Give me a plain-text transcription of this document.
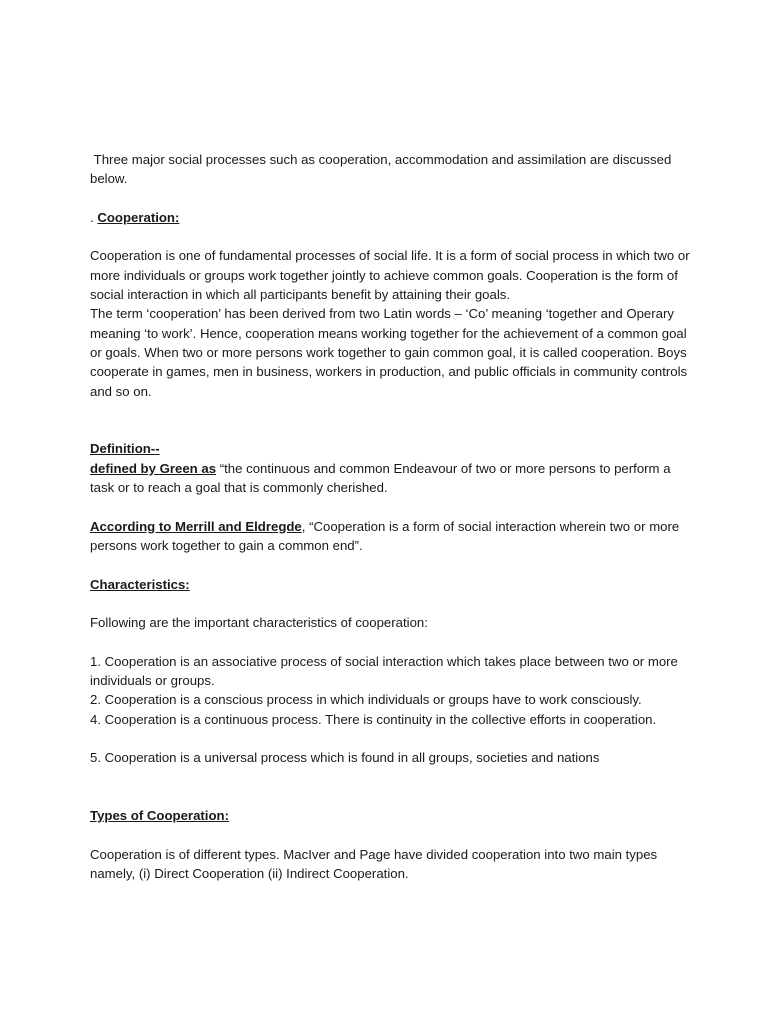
Three major social processes such as cooperation, accommodation and assimilation are discussed below.

. Cooperation:

Cooperation is one of fundamental processes of social life. It is a form of social process in which two or more individuals or groups work together jointly to achieve common goals. Cooperation is the form of social interaction in which all participants benefit by attaining their goals.

The term ‘cooperation’ has been derived from two Latin words – ‘Co’ meaning ‘together and Operary meaning ‘to work’. Hence, cooperation means working together for the achievement of a common goal or goals. When two or more persons work together to gain common goal, it is called cooperation. Boys cooperate in games, men in business, workers in production, and public officials in community controls and so on.

Definition--

defined by Green as “the continuous and common Endeavour of two or more persons to perform a task or to reach a goal that is commonly cherished.

According to Merrill and Eldregde, “Cooperation is a form of social interaction wherein two or more persons work together to gain a common end”.

Characteristics:

Following are the important characteristics of cooperation:

1. Cooperation is an associative process of social interaction which takes place between two or more individuals or groups.

2. Cooperation is a conscious process in which individuals or groups have to work consciously.

4. Cooperation is a continuous process. There is continuity in the collective efforts in cooperation.

5. Cooperation is a universal process which is found in all groups, societies and nations

Types of Cooperation:

Cooperation is of different types. MacIver and Page have divided cooperation into two main types namely, (i) Direct Cooperation (ii) Indirect Cooperation.
